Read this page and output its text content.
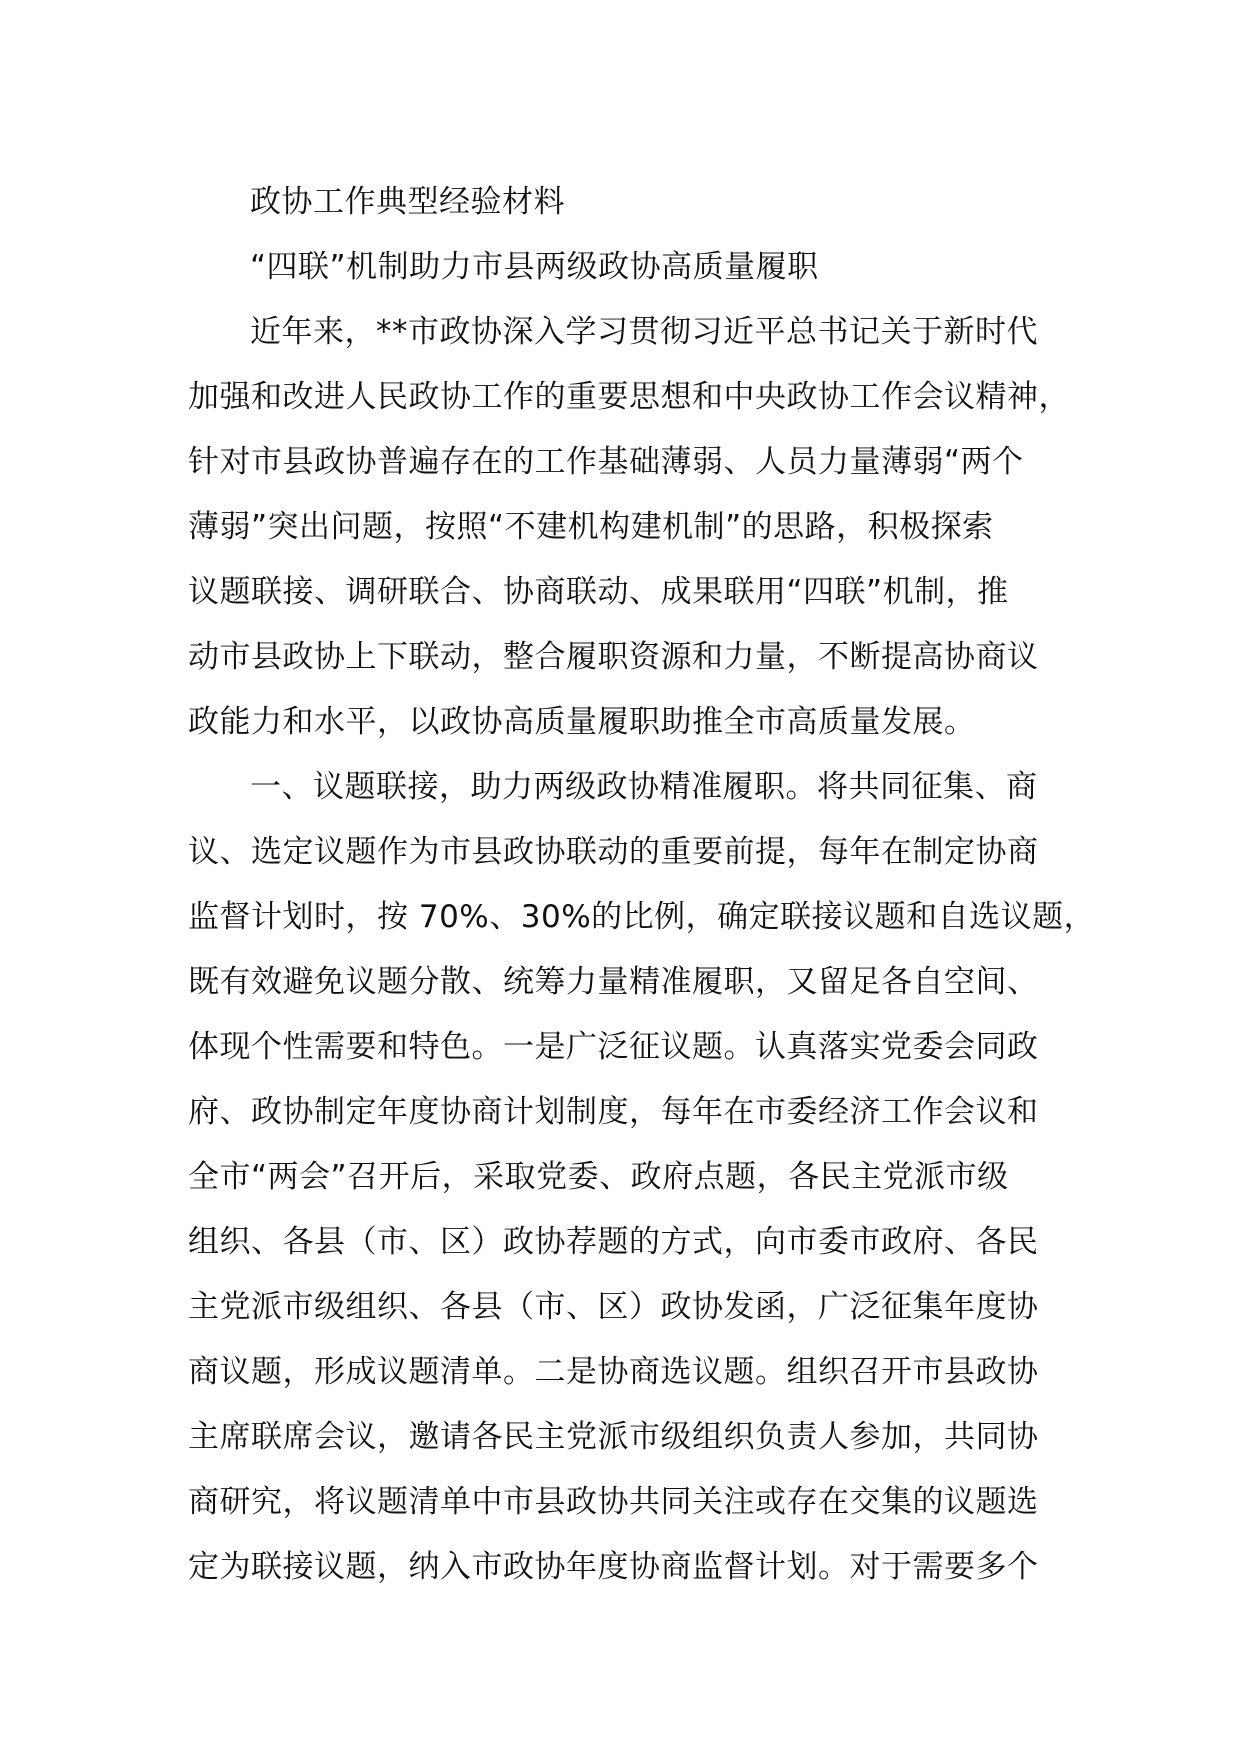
政协工作典型经验材料
“四联”机制助力市县两级政协高质量履职
近年来，**市政协深入学习贯彻习近平总书记关于新时代
加强和改进人民政协工作的重要思想和中央政协工作会议精神，
针对市县政协普遍存在的工作基础薄弱、人员力量薄弱“两个
薄弱”突出问题，按照“不建机构建机制”的思路，积极探索
议题联接、调研联合、协商联动、成果联用“四联”机制，推
动市县政协上下联动，整合履职资源和力量，不断提高协商议
政能力和水平，以政协高质量履职助推全市高质量发展。
一、议题联接，助力两级政协精准履职。将共同征集、商
议、选定议题作为市县政协联动的重要前提，每年在制定协商
监督计划时，按 70%、30%的比例，确定联接议题和自选议题，
既有效避免议题分散、统筹力量精准履职，又留足各自空间、
体现个性需要和特色。一是广泛征议题。认真落实党委会同政
府、政协制定年度协商计划制度，每年在市委经济工作会议和
全市“两会”召开后，采取党委、政府点题，各民主党派市级
组织、各县（市、区）政协荐题的方式，向市委市政府、各民
主党派市级组织、各县（市、区）政协发函，广泛征集年度协
商议题，形成议题清单。二是协商选议题。组织召开市县政协
主席联席会议，邀请各民主党派市级组织负责人参加，共同协
商研究，将议题清单中市县政协共同关注或存在交集的议题选
定为联接议题，纳入市政协年度协商监督计划。对于需要多个
